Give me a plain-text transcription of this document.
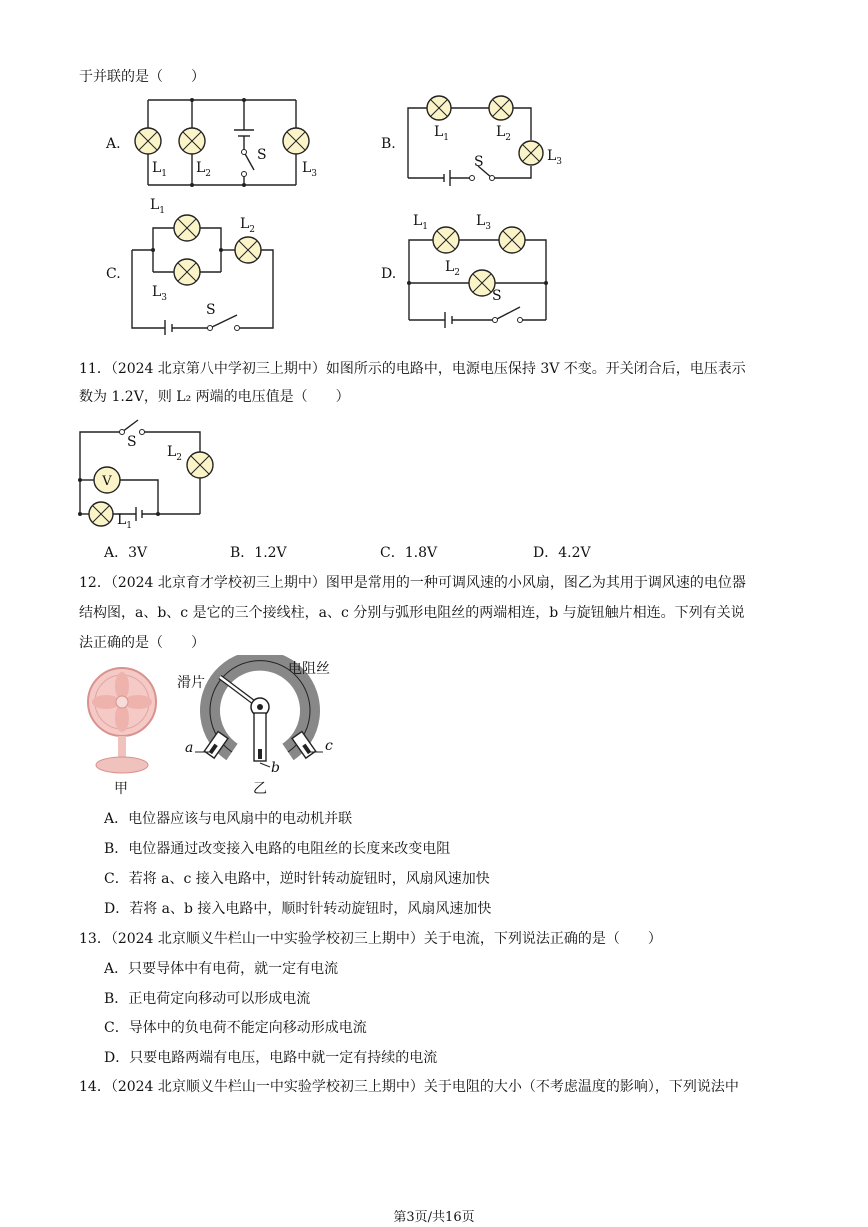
于并联的是（　　）
A.	B.
C.	D.
$L_1$ $L_2$
S
$L_3$
$L_1$	$L_2$
S	$L_3$
$L_1$
$L_2$
$L_3$
S
$L_1$	$L_3$
$L_2$
S
11．（2024 北京第八中学初三上期中）如图所示的电路中，电源电压保持 3V 不变。开关闭合后，电压表示
数为 1.2V，则 L₂ 两端的电压值是（　　）
V
S
$L_2$
$L_1$
A．3V	B．1.2V	C．1.8V	D．4.2V
12．（2024 北京育才学校初三上期中）图甲是常用的一种可调风速的小风扇，图乙为其用于调风速的电位器
结构图，a、b、c 是它的三个接线柱，a、c 分别与弧形电阻丝的两端相连，b 与旋钮触片相连。下列有关说
法正确的是（　　）
甲
滑片
电阻丝
a
b
c
乙
A．电位器应该与电风扇中的电动机并联
B．电位器通过改变接入电路的电阻丝的长度来改变电阻
C．若将 a、c 接入电路中，逆时针转动旋钮时，风扇风速加快
D．若将 a、b 接入电路中，顺时针转动旋钮时，风扇风速加快
13．（2024 北京顺义牛栏山一中实验学校初三上期中）关于电流，下列说法正确的是（　　）
A．只要导体中有电荷，就一定有电流
B．正电荷定向移动可以形成电流
C．导体中的负电荷不能定向移动形成电流
D．只要电路两端有电压，电路中就一定有持续的电流
14．（2024 北京顺义牛栏山一中实验学校初三上期中）关于电阻的大小（不考虑温度的影响），下列说法中
第3页/共16页
